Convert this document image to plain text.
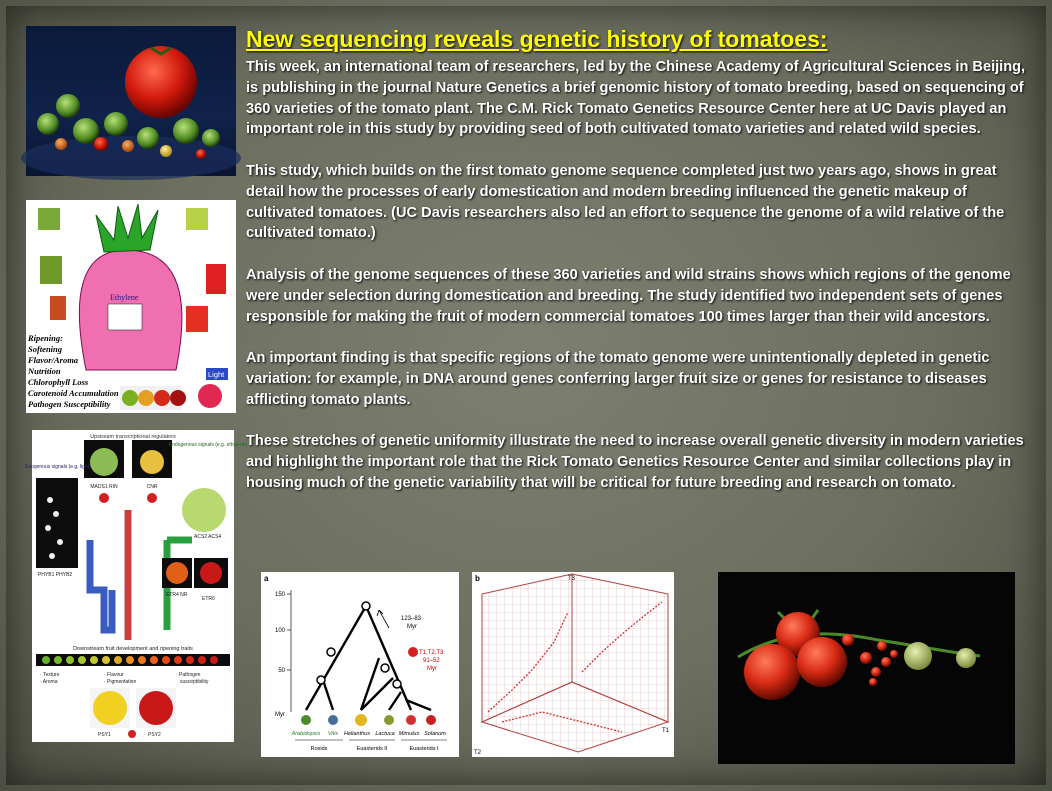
Ethylene
Light
Ripening:
Softening
Flavor/Aroma
Nutrition
Chlorophyll Loss
Carotenoid Accumulation
Pathogen Susceptibility
Upstream transcriptional regulators
MADS1 RIN	CNR
Exogenous signals (e.g. light)
Endogenous signals (e.g. ethylene)
ACS2 ACS4
PHYB1 PHYB2
ETR4 NR
ETR6
Downstream fruit development and ripening traits
· Texture
· Aroma
· Flavour
· Pigmentation
· Pathogen
susceptibility
PSY1	PSY2
New sequencing reveals genetic history of tomatoes:

This week, an international team of researchers, led by the Chinese Academy of Agricultural Sciences in Beijing, is publishing in the journal Nature Genetics a brief genomic history of tomato breeding, based on sequencing of 360 varieties of the tomato plant. The C.M. Rick Tomato Genetics Resource Center here at UC Davis played an important role in this study by providing seed of both cultivated tomato varieties and related wild species.

This study, which builds on the first tomato genome sequence completed just two years ago, shows in great detail how the processes of early domestication and modern breeding influenced the genetic makeup of cultivated tomatoes. (UC Davis researchers also led an effort to sequence the genome of a wild relative of the cultivated tomato.)

Analysis of the genome sequences of these 360 varieties and wild strains shows which regions of the genome were under selection during domestication and breeding. The study identified two independent sets of genes responsible for making the fruit of modern commercial tomatoes 100 times larger than their wild ancestors.

An important finding is that specific regions of the tomato genome were unintentionally depleted in genetic variation: for example, in DNA around genes conferring larger fruit size or genes for resistance to diseases afflicting tomato plants.

These stretches of genetic uniformity illustrate the need to increase overall genetic diversity in modern varieties and highlight the important role that the Rick Tomato Genetics Resource Center and similar collections play in housing much of the genetic variability that will be critical for future breeding and research on tomato.

a
150
100
50
Myr
123–83
Myr
T1,T2,T3
91–52
Myr
Arabidopsis Vitis Helianthus Lactuca Mimulus Solanum
Rosids	Euasterids II	Euasterids I
b
T2
T1
T3
